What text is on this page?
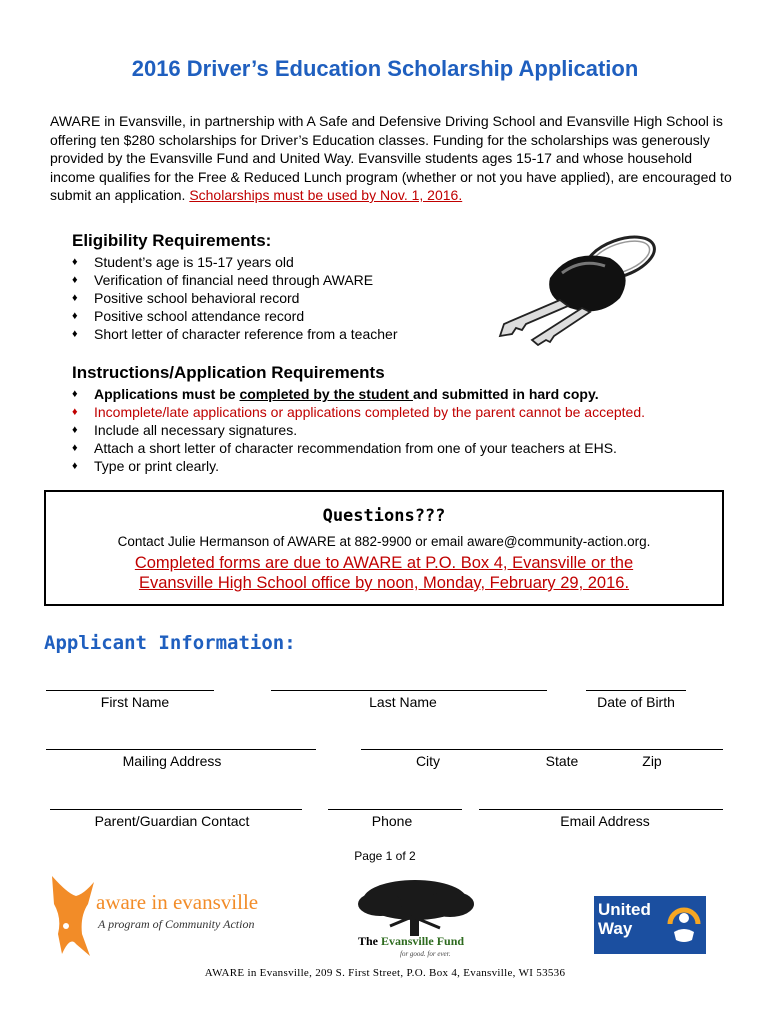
2016 Driver’s Education Scholarship Application
AWARE in Evansville, in partnership with A Safe and Defensive Driving School and Evansville High School is offering ten $280 scholarships for Driver’s Education classes. Funding for the scholarships was generously provided by the Evansville Fund and United Way. Evansville students ages 15-17 and whose household income qualifies for the Free & Reduced Lunch program (whether or not you have applied), are encouraged to submit an application. Scholarships must be used by Nov. 1, 2016.
Eligibility Requirements:
♦ Student’s age is 15-17 years old
♦ Verification of financial need through AWARE
♦ Positive school behavioral record
♦ Positive school attendance record
♦ Short letter of character reference from a teacher
Instructions/Application Requirements
♦ Applications must be completed by the student and submitted in hard copy.
♦ Incomplete/late applications or applications completed by the parent cannot be accepted.
♦ Include all necessary signatures.
♦ Attach a short letter of character recommendation from one of your teachers at EHS.
♦ Type or print clearly.
Questions???
Contact Julie Hermanson of AWARE at 882-9900 or email aware@community-action.org.
Completed forms are due to AWARE at P.O. Box 4, Evansville or the
Evansville High School office by noon, Monday, February 29, 2016.
Applicant Information:
First Name	Last Name	Date of Birth
Mailing Address	City	State	Zip
Parent/Guardian Contact	Phone	Email Address
Page 1 of 2
aware in evansville
A program of Community Action
The Evansville Fund
for good. for ever.
United
Way
AWARE in Evansville, 209 S. First Street, P.O. Box 4, Evansville, WI 53536
